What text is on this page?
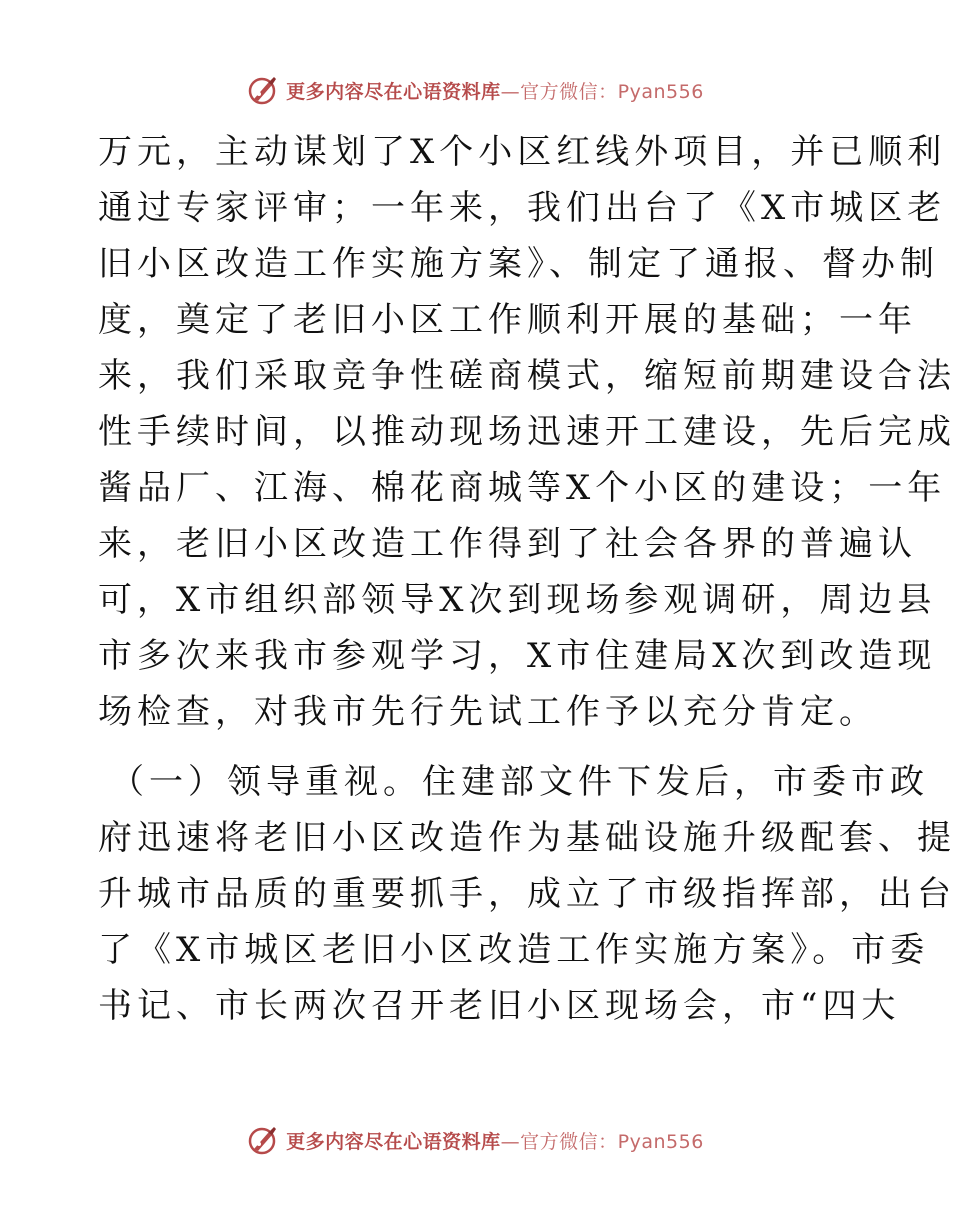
更多内容尽在心语资料库—官方微信：Pyan556
万元，主动谋划了X个小区红线外项目，并已顺利
通过专家评审；一年来，我们出台了《X市城区老
旧小区改造工作实施方案》、制定了通报、督办制
度，奠定了老旧小区工作顺利开展的基础；一年
来，我们采取竞争性磋商模式，缩短前期建设合法
性手续时间，以推动现场迅速开工建设，先后完成
酱品厂、江海、棉花商城等X个小区的建设；一年
来，老旧小区改造工作得到了社会各界的普遍认
可，X市组织部领导X次到现场参观调研，周边县
市多次来我市参观学习，X市住建局X次到改造现
场检查，对我市先行先试工作予以充分肯定。
（一）领导重视。住建部文件下发后，市委市政
府迅速将老旧小区改造作为基础设施升级配套、提
升城市品质的重要抓手，成立了市级指挥部，出台
了《X市城区老旧小区改造工作实施方案》。市委
书记、市长两次召开老旧小区现场会，市“四大
更多内容尽在心语资料库—官方微信：Pyan556
